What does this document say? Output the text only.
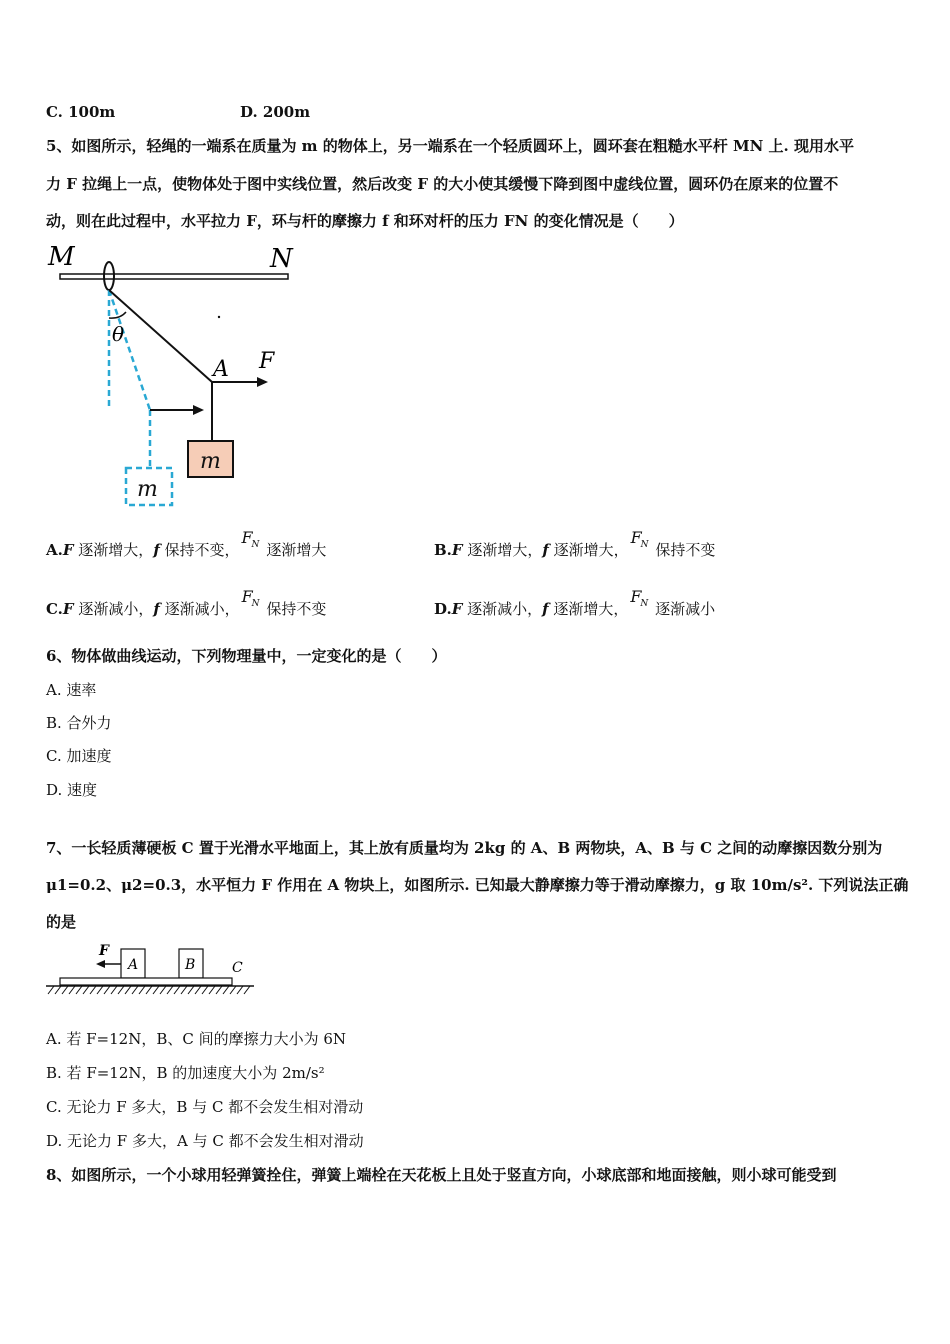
C. 100m	D. 200m
5、如图所示，轻绳的一端系在质量为 m 的物体上，另一端系在一个轻质圆环上，圆环套在粗糙水平杆 MN 上. 现用水平
力 F 拉绳上一点，使物体处于图中实线位置，然后改变 F 的大小使其缓慢下降到图中虚线位置，圆环仍在原来的位置不
动，则在此过程中，水平拉力 F，环与杆的摩擦力 f 和环对杆的压力 FN 的变化情况是（　　）
M	N
m
m
A F
θ
A.F 逐渐增大，f 保持不变，
F
N 逐渐增大	B.F 逐渐增大，f 逐渐增大，
F
N 保持不变
C.F 逐渐减小，f 逐渐减小，
F
N 保持不变	D.F 逐渐减小，f 逐渐增大，
F
N 逐渐减小
6、物体做曲线运动，下列物理量中，一定变化的是（　　）
A. 速率
B. 合外力
C. 加速度
D. 速度
7、一长轻质薄硬板 C 置于光滑水平地面上，其上放有质量均为 2kg 的 A、B 两物块，A、B 与 C 之间的动摩擦因数分别为
μ1=0.2、μ2=0.3，水平恒力 F 作用在 A 物块上，如图所示. 已知最大静摩擦力等于滑动摩擦力，g 取 10m/s². 下列说法正确
的是
F
A	B	C
A. 若 F=12N，B、C 间的摩擦力大小为 6N
B. 若 F=12N，B 的加速度大小为 2m/s²
C. 无论力 F 多大，B 与 C 都不会发生相对滑动
D. 无论力 F 多大，A 与 C 都不会发生相对滑动
8、如图所示，一个小球用轻弹簧拴住，弹簧上端栓在天花板上且处于竖直方向，小球底部和地面接触，则小球可能受到
